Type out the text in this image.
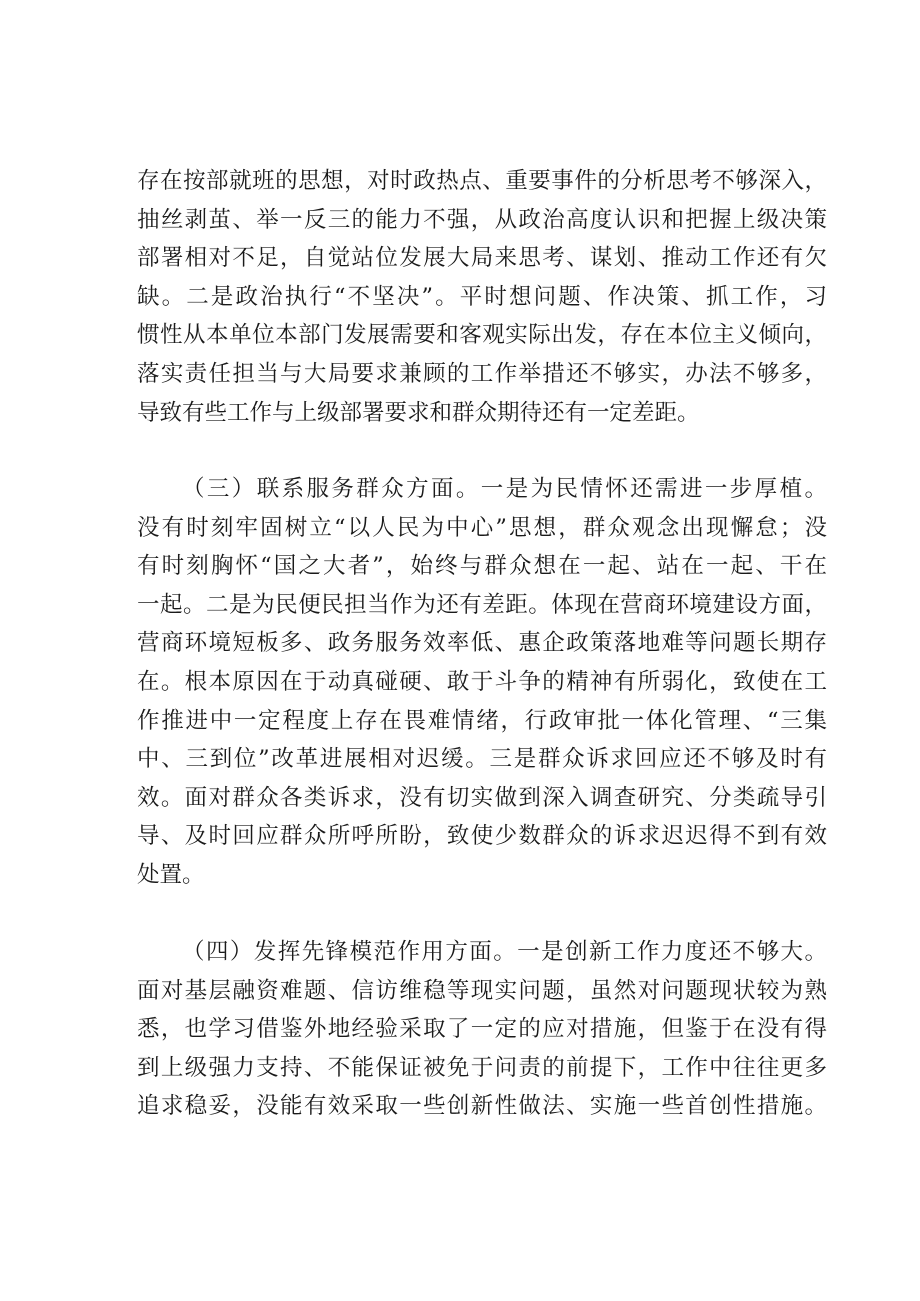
存在按部就班的思想，对时政热点、重要事件的分析思考不够深入，
抽丝剥茧、举一反三的能力不强，从政治高度认识和把握上级决策
部署相对不足，自觉站位发展大局来思考、谋划、推动工作还有欠
缺。二是政治执行“不坚决”。平时想问题、作决策、抓工作，习
惯性从本单位本部门发展需要和客观实际出发，存在本位主义倾向，
落实责任担当与大局要求兼顾的工作举措还不够实，办法不够多，
导致有些工作与上级部署要求和群众期待还有一定差距。
（三）联系服务群众方面。一是为民情怀还需进一步厚植。
没有时刻牢固树立“以人民为中心”思想，群众观念出现懈怠；没
有时刻胸怀“国之大者”，始终与群众想在一起、站在一起、干在
一起。二是为民便民担当作为还有差距。体现在营商环境建设方面，
营商环境短板多、政务服务效率低、惠企政策落地难等问题长期存
在。根本原因在于动真碰硬、敢于斗争的精神有所弱化，致使在工
作推进中一定程度上存在畏难情绪，行政审批一体化管理、“三集
中、三到位”改革进展相对迟缓。三是群众诉求回应还不够及时有
效。面对群众各类诉求，没有切实做到深入调查研究、分类疏导引
导、及时回应群众所呼所盼，致使少数群众的诉求迟迟得不到有效
处置。
（四）发挥先锋模范作用方面。一是创新工作力度还不够大。
面对基层融资难题、信访维稳等现实问题，虽然对问题现状较为熟
悉，也学习借鉴外地经验采取了一定的应对措施，但鉴于在没有得
到上级强力支持、不能保证被免于问责的前提下，工作中往往更多
追求稳妥，没能有效采取一些创新性做法、实施一些首创性措施。
